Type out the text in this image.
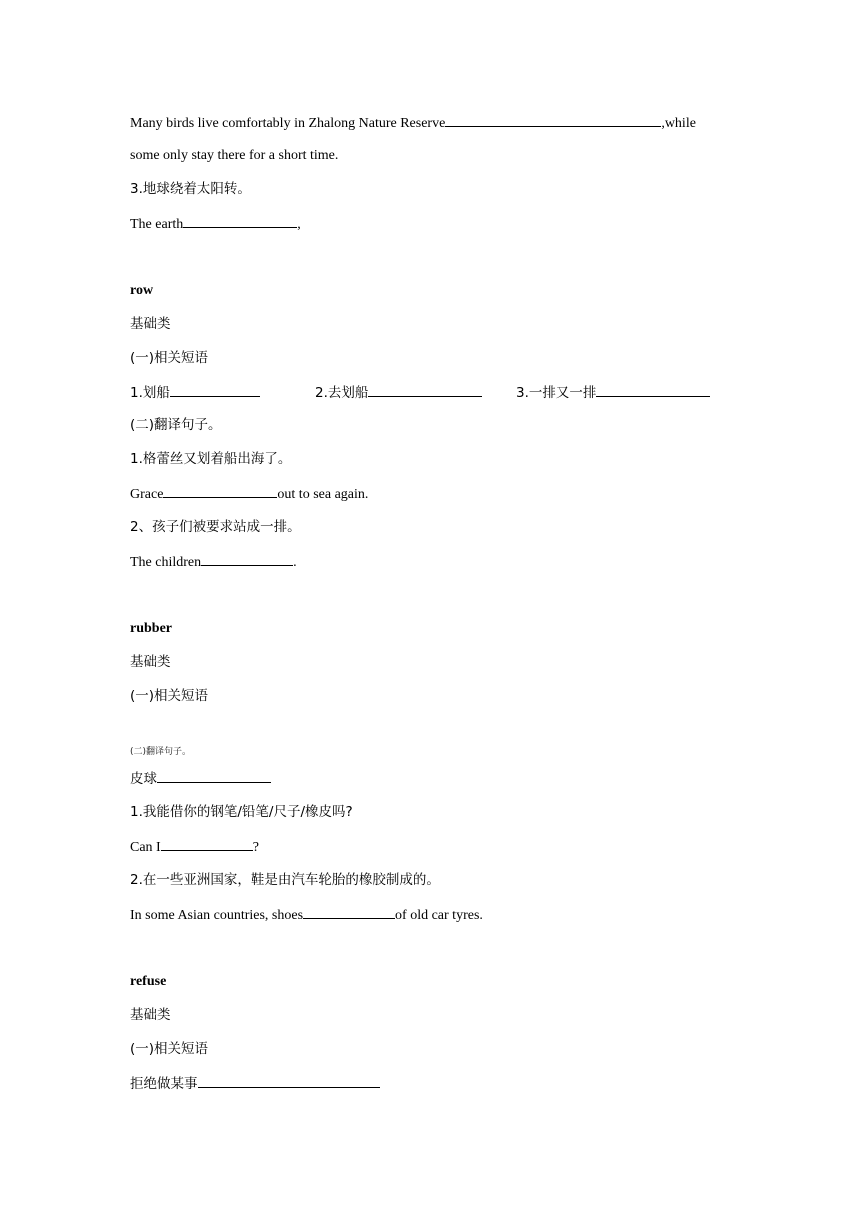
Many birds live comfortably in Zhalong Nature Reserve	,while
some only stay there for a short time.
3.地球绕着太阳转。
The earth	,
row
基础类
(一)相关短语
1.划船	2.去划船	3.一排又一排
(二)翻译句子。
1.格蕾丝又划着船出海了。
Grace	out to sea again.
2、孩子们被要求站成一排。
The children	.
rubber
基础类
(一)相关短语
(二)翻译句子。
皮球
1.我能借你的钢笔/铅笔/尺子/橡皮吗?
Can I	?
2.在一些亚洲国家，鞋是由汽车轮胎的橡胶制成的。
In some Asian countries, shoes	of old car tyres.
refuse
基础类
(一)相关短语
拒绝做某事
